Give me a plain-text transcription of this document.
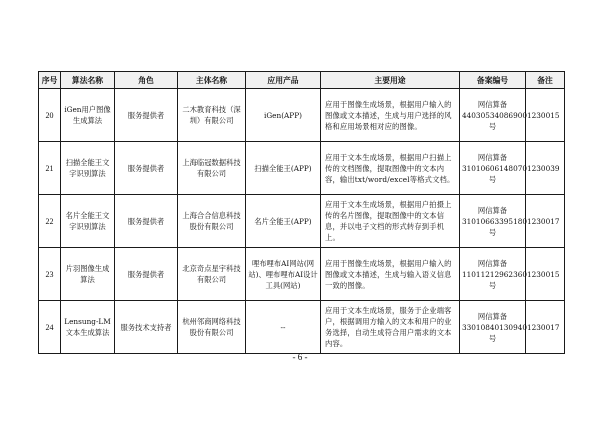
序号	算法名称	角色	主体名称	应用产品	主要用途	备案编号	备注
20	iGen用户图像生成算法	服务提供者	二木教育科技（深圳）有限公司	iGen(APP)	应用于图像生成场景，根据用户输入的图像或文本描述，生成与用户选择的风格和应用场景相对应的图像。	网信算备440305340869001230015号	
21	扫描全能王文字识别算法	服务提供者	上海临冠数据科技有限公司	扫描全能王(APP)	应用于文本生成场景，根据用户扫描上传的文档图像，提取图像中的文本内容，输出txt/word/excel等格式文档。	网信算备310106061480701230039号	
22	名片全能王文字识别算法	服务提供者	上海合合信息科技股份有限公司	名片全能王(APP)	应用于文本生成场景，根据用户拍摄上传的名片图像，提取图像中的文本信息，并以电子文档的形式转存到手机上。	网信算备310106633951801230017号	
23	片羽图像生成算法	服务提供者	北京奇点星宇科技有限公司	哩布哩布AI网站(网站)、哩布哩布AI设计工具(网站)	应用于图像生成场景，根据用户输入的图像或文本描述，生成与输入语义信息一致的图像。	网信算备110112129623601230015号	
24	Lensung-LM文本生成算法	服务技术支持者	杭州邻商网络科技股份有限公司	--	应用于文本生成场景，服务于企业端客户，根据调用方输入的文本和用户的业务选择，自动生成符合用户需求的文本内容。	网信算备330108401309401230017号	
- 6 -
